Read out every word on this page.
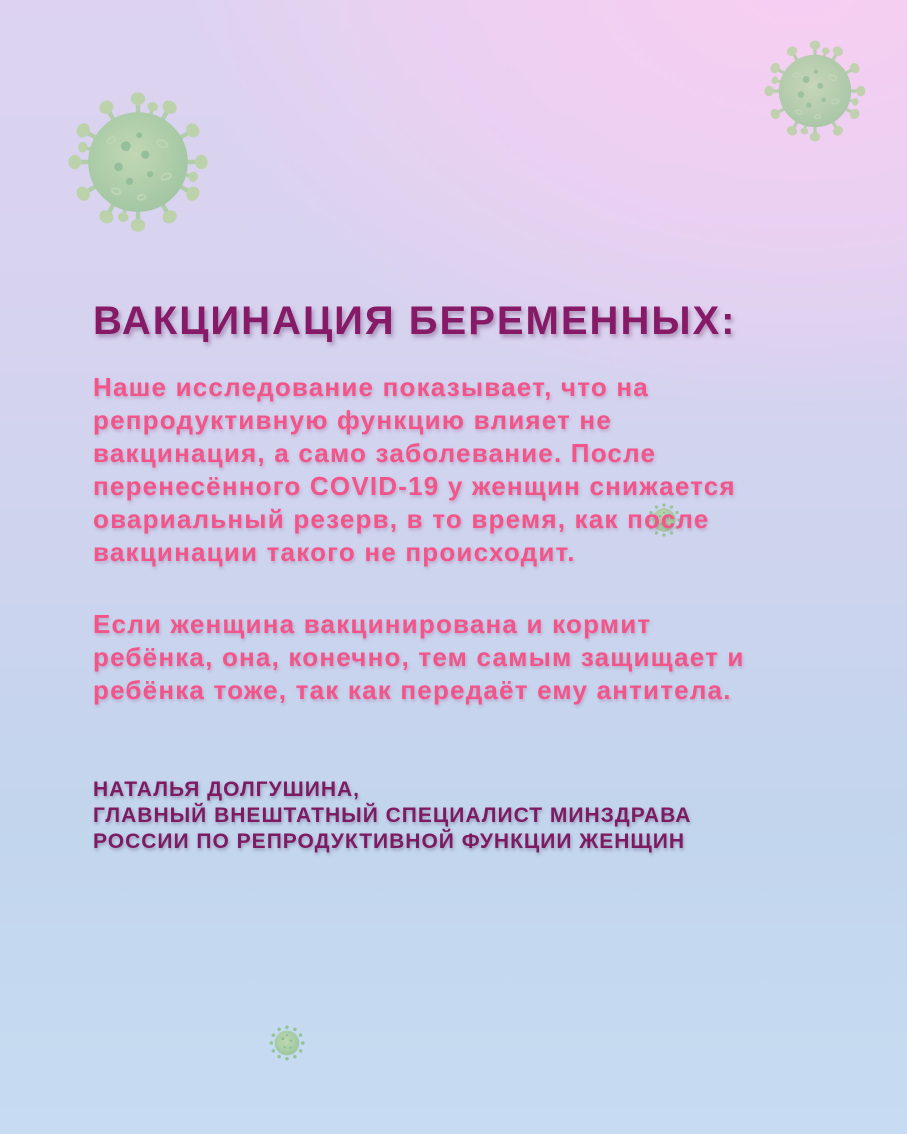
ВАКЦИНАЦИЯ БЕРЕМЕННЫХ:
Наше исследование показывает, что на
репродуктивную функцию влияет не
вакцинация, а само заболевание. После
перенесённого COVID-19 у женщин снижается
овариальный резерв, в то время, как после
вакцинации такого не происходит.
Если женщина вакцинирована и кормит
ребёнка, она, конечно, тем самым защищает и
ребёнка тоже, так как передаёт ему антитела.
НАТАЛЬЯ ДОЛГУШИНА,
ГЛАВНЫЙ ВНЕШТАТНЫЙ СПЕЦИАЛИСТ МИНЗДРАВА
РОССИИ ПО РЕПРОДУКТИВНОЙ ФУНКЦИИ ЖЕНЩИН
